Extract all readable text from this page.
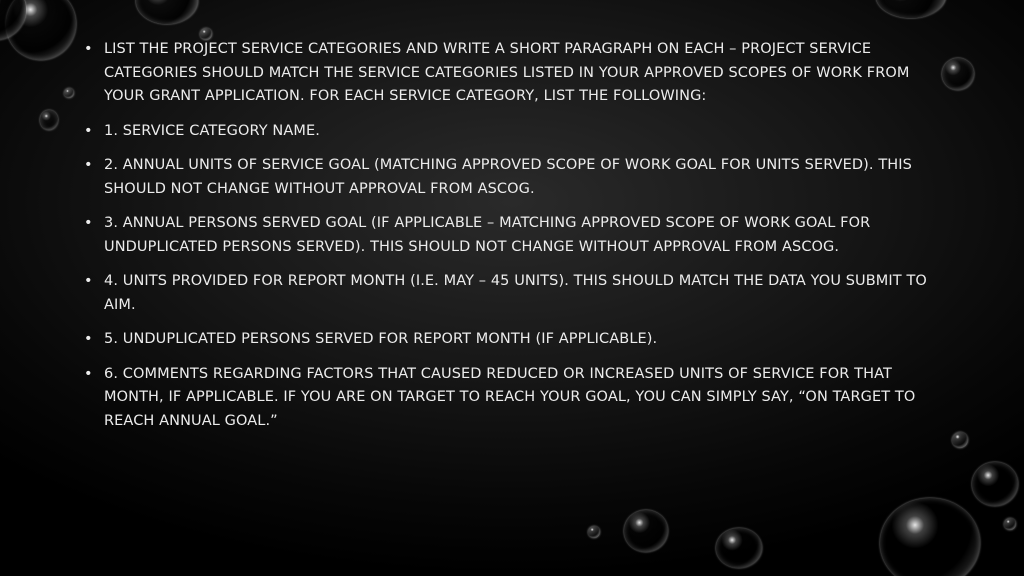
• LIST THE PROJECT SERVICE CATEGORIES AND WRITE A SHORT PARAGRAPH ON EACH – PROJECT SERVICE CATEGORIES SHOULD MATCH THE SERVICE CATEGORIES LISTED IN YOUR APPROVED SCOPES OF WORK FROM YOUR GRANT APPLICATION. FOR EACH SERVICE CATEGORY, LIST THE FOLLOWING:
• 1. SERVICE CATEGORY NAME.
• 2. ANNUAL UNITS OF SERVICE GOAL (MATCHING APPROVED SCOPE OF WORK GOAL FOR UNITS SERVED). THIS SHOULD NOT CHANGE WITHOUT APPROVAL FROM ASCOG.
• 3. ANNUAL PERSONS SERVED GOAL (IF APPLICABLE – MATCHING APPROVED SCOPE OF WORK GOAL FOR UNDUPLICATED PERSONS SERVED). THIS SHOULD NOT CHANGE WITHOUT APPROVAL FROM ASCOG.
• 4. UNITS PROVIDED FOR REPORT MONTH (I.E. MAY – 45 UNITS). THIS SHOULD MATCH THE DATA YOU SUBMIT TO AIM.
• 5. UNDUPLICATED PERSONS SERVED FOR REPORT MONTH (IF APPLICABLE).
• 6. COMMENTS REGARDING FACTORS THAT CAUSED REDUCED OR INCREASED UNITS OF SERVICE FOR THAT MONTH, IF APPLICABLE. IF YOU ARE ON TARGET TO REACH YOUR GOAL, YOU CAN SIMPLY SAY, “ON TARGET TO REACH ANNUAL GOAL.”
